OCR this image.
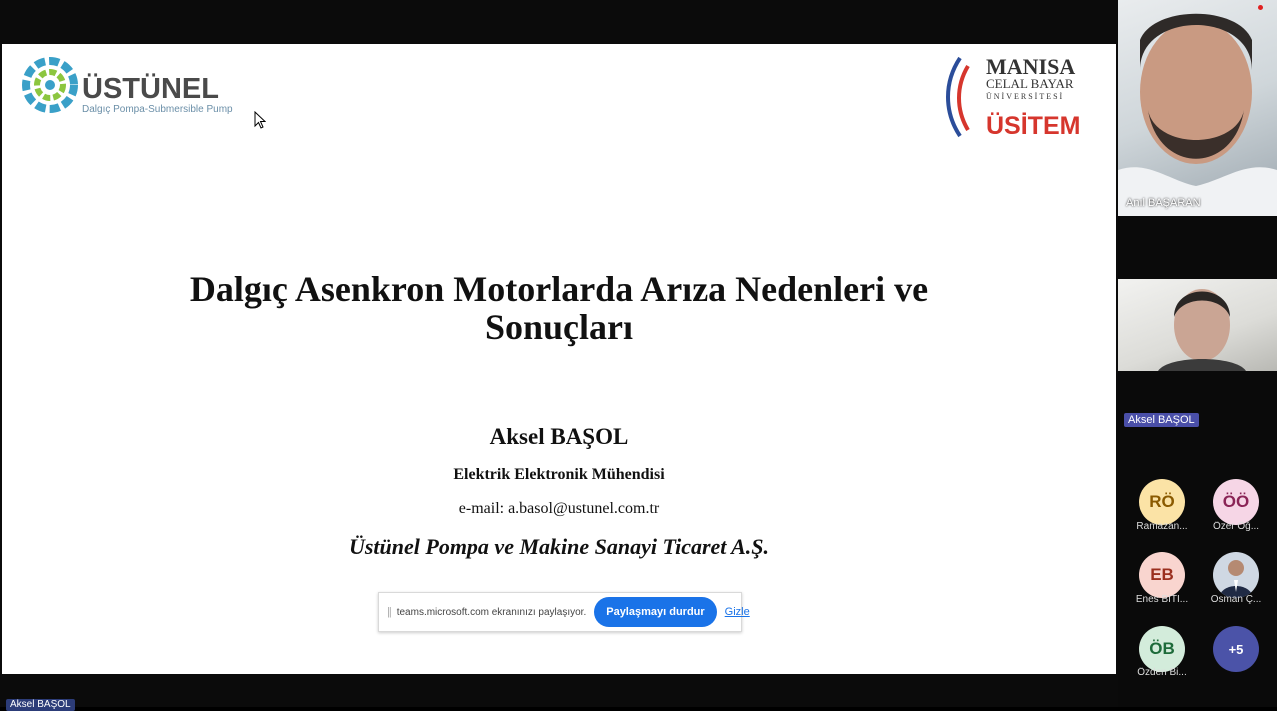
ÜSTÜNEL
Dalgıç Pompa-Submersible Pump
MANISA
CELAL BAYAR
ÜNİVERSİTESİ
ÜSİTEM
Dalgıç Asenkron Motorlarda Arıza Nedenleri ve
Sonuçları
Aksel BAŞOL
Elektrik Elektronik Mühendisi
e-mail: a.basol@ustunel.com.tr
Üstünel Pompa ve Makine Sanayi Ticaret A.Ş.
|| teams.microsoft.com ekranınızı paylaşıyor.	Paylaşmayı durdur	Gizle
Aksel BAŞOL
Anıl BAŞARAN
Aksel BAŞOL
RÖ
Ramazan...
ÖÖ
Özer Öğ...
EB
Enes BİTİ...	Osman Ç...
ÖB
Özden Bi...
+5
